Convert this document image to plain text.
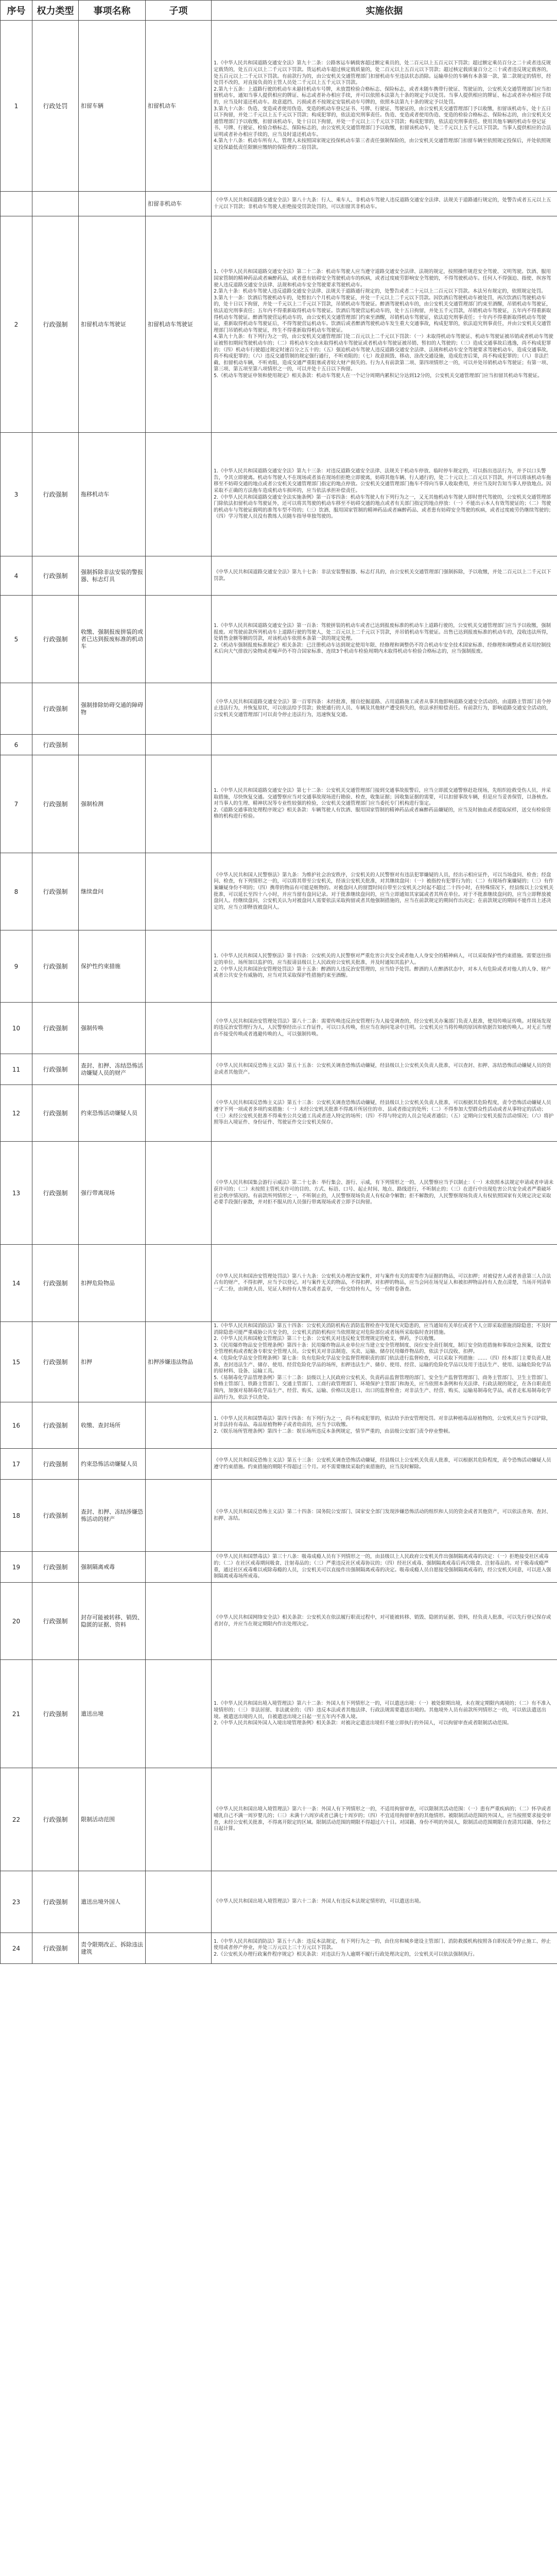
序号	权力类型	事项名称	子项	实施依据
1	行政处罚	扣留车辆	扣留机动车	1.《中华人民共和国道路交通安全法》第九十二条：公路客运车辆载客超过额定乘员的，处二百元以上五百元以下罚款；超过额定乘员百分之二十或者违反规定载货的，处五百元以上二千元以下罚款。货运机动车超过核定载质量的，处二百元以上五百元以下罚款；超过核定载质量百分之三十或者违反规定载客的，处五百元以上二千元以下罚款。有前款行为的，由公安机关交通管理部门扣留机动车至违法状态消除。运输单位的车辆有本条第一款、第二款规定的情形，经处罚不改的，对直接负责的主管人员处二千元以上五千元以下罚款。
2.第九十五条：上道路行驶的机动车未悬挂机动车号牌，未放置检验合格标志、保险标志，或者未随车携带行驶证、驾驶证的，公安机关交通管理部门应当扣留机动车，通知当事人提供相应的牌证、标志或者补办相应手续，并可以依照本法第九十条的规定予以处罚。当事人提供相应的牌证、标志或者补办相应手续的，应当及时退还机动车。故意遮挡、污损或者不按规定安装机动车号牌的，依照本法第九十条的规定予以处罚。
3.第九十六条：伪造、变造或者使用伪造、变造的机动车登记证书、号牌、行驶证、驾驶证的，由公安机关交通管理部门予以收缴，扣留该机动车，处十五日以下拘留，并处二千元以上五千元以下罚款；构成犯罪的，依法追究刑事责任。伪造、变造或者使用伪造、变造的检验合格标志、保险标志的，由公安机关交通管理部门予以收缴，扣留该机动车，处十日以下拘留，并处一千元以上三千元以下罚款；构成犯罪的，依法追究刑事责任。使用其他车辆的机动车登记证书、号牌、行驶证、检验合格标志、保险标志的，由公安机关交通管理部门予以收缴，扣留该机动车，处二千元以上五千元以下罚款。当事人提供相应的合法证明或者补办相应手续的，应当及时退还机动车。
4.第九十八条：机动车所有人、管理人未按照国家规定投保机动车第三者责任强制保险的，由公安机关交通管理部门扣留车辆至依照规定投保后，并处依照规定投保最低责任限额应缴纳的保险费的二倍罚款。
			扣留非机动车	《中华人民共和国道路交通安全法》第八十九条：行人、乘车人、非机动车驾驶人违反道路交通安全法律、法规关于道路通行规定的，处警告或者五元以上五十元以下罚款；非机动车驾驶人拒绝接受罚款处罚的，可以扣留其非机动车。
2	行政强制	扣留机动车驾驶证	扣留机动车驾驶证	1.《中华人民共和国道路交通安全法》第二十二条：机动车驾驶人应当遵守道路交通安全法律、法规的规定，按照操作规范安全驾驶、文明驾驶。饮酒、服用国家管制的精神药品或者麻醉药品，或者患有妨碍安全驾驶机动车的疾病，或者过度疲劳影响安全驾驶的，不得驾驶机动车。任何人不得强迫、指使、纵容驾驶人违反道路交通安全法律、法规和机动车安全驾驶要求驾驶机动车。
2.第九十条：机动车驾驶人违反道路交通安全法律、法规关于道路通行规定的，处警告或者二十元以上二百元以下罚款。本法另有规定的，依照规定处罚。
3.第九十一条：饮酒后驾驶机动车的，处暂扣六个月机动车驾驶证，并处一千元以上二千元以下罚款。因饮酒后驾驶机动车被处罚，再次饮酒后驾驶机动车的，处十日以下拘留，并处一千元以上二千元以下罚款，吊销机动车驾驶证。醉酒驾驶机动车的，由公安机关交通管理部门约束至酒醒，吊销机动车驾驶证，依法追究刑事责任；五年内不得重新取得机动车驾驶证。饮酒后驾驶营运机动车的，处十五日拘留，并处五千元罚款，吊销机动车驾驶证，五年内不得重新取得机动车驾驶证。醉酒驾驶营运机动车的，由公安机关交通管理部门约束至酒醒，吊销机动车驾驶证，依法追究刑事责任；十年内不得重新取得机动车驾驶证，重新取得机动车驾驶证后，不得驾驶营运机动车。饮酒后或者醉酒驾驶机动车发生重大交通事故，构成犯罪的，依法追究刑事责任，并由公安机关交通管理部门吊销机动车驾驶证，终生不得重新取得机动车驾驶证。
4.第九十九条：有下列行为之一的，由公安机关交通管理部门处二百元以上二千元以下罚款：（一）未取得机动车驾驶证、机动车驾驶证被吊销或者机动车驾驶证被暂扣期间驾驶机动车的；（二）将机动车交由未取得机动车驾驶证或者机动车驾驶证被吊销、暂扣的人驾驶的；（三）造成交通事故后逃逸，尚不构成犯罪的；（四）机动车行驶超过规定时速百分之五十的；（五）强迫机动车驾驶人违反道路交通安全法律、法规和机动车安全驾驶要求驾驶机动车，造成交通事故，尚不构成犯罪的；（六）违反交通管制的规定强行通行，不听劝阻的；（七）故意损毁、移动、涂改交通设施，造成危害后果，尚不构成犯罪的；（八）非法拦截、扣留机动车辆，不听劝阻，造成交通严重阻塞或者较大财产损失的。行为人有前款第二项、第四项情形之一的，可以并处吊销机动车驾驶证；有第一项、第三项、第五项至第八项情形之一的，可以并处十五日以下拘留。
5.《机动车驾驶证申领和使用规定》相关条款：机动车驾驶人在一个记分周期内累积记分达到12分的，公安机关交通管理部门应当扣留其机动车驾驶证。
3	行政强制	拖移机动车		1.《中华人民共和国道路交通安全法》第九十三条：对违反道路交通安全法律、法规关于机动车停放、临时停车规定的，可以指出违法行为，并予以口头警告，令其立即驶离。机动车驾驶人不在现场或者虽在现场但拒绝立即驶离，妨碍其他车辆、行人通行的，处二十元以上二百元以下罚款，并可以将该机动车拖移至不妨碍交通的地点或者公安机关交通管理部门指定的地点停放。公安机关交通管理部门拖车不得向当事人收取费用，并应当及时告知当事人停放地点。因采取不正确的方法拖车造成机动车损坏的，应当依法承担补偿责任。
2.《中华人民共和国道路交通安全法实施条例》第一百零四条：机动车驾驶人有下列行为之一，又无其他机动车驾驶人即时替代驾驶的，公安机关交通管理部门除依法扣留机动车驾驶证外，还可以将其驾驶的机动车移至不妨碍交通的地点或者有关部门指定的地点停放：（一）不能出示本人有效驾驶证的；（二）驾驶的机动车与驾驶证载明的准驾车型不符的；（三）饮酒、服用国家管制的精神药品或者麻醉药品、或者患有妨碍安全驾驶的疾病，或者过度疲劳仍继续驾驶的；（四）学习驾驶人员没有教练人员随车指导单独驾驶的。
4	行政强制	强制拆除非法安装的警报器、标志灯具		《中华人民共和国道路交通安全法》第九十七条：非法安装警报器、标志灯具的，由公安机关交通管理部门强制拆除，予以收缴，并处二百元以上二千元以下罚款。
5	行政强制	收缴、强制报废拼装的或者已达到报废标准的机动车		1.《中华人民共和国道路交通安全法》第一百条：驾驶拼装的机动车或者已达到报废标准的机动车上道路行驶的，公安机关交通管理部门应当予以收缴，强制报废。对驾驶前款所列机动车上道路行驶的驾驶人，处二百元以上二千元以下罚款，并吊销机动车驾驶证。出售已达到报废标准的机动车的，没收违法所得，处销售金额等额的罚款，对该机动车依照本条第一款的规定处理。
2.《机动车强制报废标准规定》相关条款：已注册机动车达到规定使用年限、经修理和调整仍不符合机动车安全技术国家标准、经修理和调整或者采用控制技术后向大气排放污染物或者噪声仍不符合国家标准、连续3个机动车检验周期内未取得机动车检验合格标志的，应当强制报废。
	行政强制	强制排除妨碍交通的障碍物		《中华人民共和国道路交通安全法》第一百零四条：未经批准，擅自挖掘道路、占用道路施工或者从事其他影响道路交通安全活动的，由道路主管部门责令停止违法行为，并恢复原状，可以依法给予罚款；致使通行的人员、车辆及其他财产遭受损失的，依法承担赔偿责任。有前款行为，影响道路交通安全活动的，公安机关交通管理部门可以责令停止违法行为，迅速恢复交通。
6	行政强制			
7	行政强制	强制检测		1.《中华人民共和国道路交通安全法》第七十二条：公安机关交通管理部门接到交通事故报警后，应当立即派交通警察赶赴现场，先组织抢救受伤人员，并采取措施，尽快恢复交通。交通警察应当对交通事故现场进行勘验、检查，收集证据；因收集证据的需要，可以扣留事故车辆，但是应当妥善保管，以备核查。对当事人的生理、精神状况等专业性较强的检验，公安机关交通管理部门应当委托专门机构进行鉴定。
2.《道路交通事故处理程序规定》相关条款：车辆驾驶人有饮酒、服用国家管制的精神药品或者麻醉药品嫌疑的，应当及时抽血或者提取尿样，送交有检验资格的机构进行检验。
8	行政强制	继续盘问		《中华人民共和国人民警察法》第九条：为维护社会治安秩序，公安机关的人民警察对有违法犯罪嫌疑的人员，经出示相应证件，可以当场盘问、检查；经盘问、检查，有下列情形之一的，可以将其带至公安机关，经该公安机关批准，对其继续盘问：（一）被指控有犯罪行为的；（二）有现场作案嫌疑的；（三）有作案嫌疑身份不明的；（四）携带的物品有可能是赃物的。对被盘问人的留置时间自带至公安机关之时起不超过二十四小时，在特殊情况下，经县级以上公安机关批准，可以延长至四十八小时，并应当留有盘问记录。对于批准继续盘问的，应当立即通知其家属或者其所在单位。对于不批准继续盘问的，应当立即释放被盘问人。经继续盘问，公安机关认为对被盘问人需要依法采取拘留或者其他强制措施的，应当在前款规定的期间作出决定；在前款规定的期间不能作出上述决定的，应当立即释放被盘问人。
9	行政强制	保护性约束措施		1.《中华人民共和国人民警察法》第十四条：公安机关的人民警察对严重危害公共安全或者他人人身安全的精神病人，可以采取保护性约束措施。需要送往指定的单位、场所加以监护的，应当报请县级以上人民政府公安机关批准，并及时通知其监护人。
2.《中华人民共和国治安管理处罚法》第十五条：醉酒的人违反治安管理的，应当给予处罚。醉酒的人在醉酒状态中，对本人有危险或者对他人的人身、财产或者公共安全有威胁的，应当对其采取保护性措施约束至酒醒。
10	行政强制	强制传唤		《中华人民共和国治安管理处罚法》第八十二条：需要传唤违反治安管理行为人接受调查的，经公安机关办案部门负责人批准，使用传唤证传唤。对现场发现的违反治安管理行为人，人民警察经出示工作证件，可以口头传唤，但应当在询问笔录中注明。公安机关应当将传唤的原因和依据告知被传唤人。对无正当理由不接受传唤或者逃避传唤的人，可以强制传唤。
11	行政强制	查封、扣押、冻结恐怖活动嫌疑人员的财产		《中华人民共和国反恐怖主义法》第五十五条：公安机关调查恐怖活动嫌疑，经县级以上公安机关负责人批准，可以查封、扣押、冻结恐怖活动嫌疑人员的资金或者其他资产。
12	行政强制	约束恐怖活动嫌疑人员		《中华人民共和国反恐怖主义法》第五十三条：公安机关调查恐怖活动嫌疑，经县级以上公安机关负责人批准，可以根据其危险程度，责令恐怖活动嫌疑人员遵守下列一项或者多项约束措施：（一）未经公安机关批准不得离开所居住的市、县或者指定的处所；（二）不得参加大型群众性活动或者从事特定的活动；（三）未经公安机关批准不得乘坐公共交通工具或者进入特定的场所；（四）不得与特定的人员会见或者通信；（五）定期向公安机关报告活动情况；（六）将护照等出入境证件、身份证件、驾驶证件交公安机关保存。
13	行政强制	强行带离现场		《中华人民共和国集会游行示威法》第二十七条：举行集会、游行、示威，有下列情形之一的，人民警察应当予以制止：（一）未依照本法规定申请或者申请未获许可的；（二）未按照主管机关许可的目的、方式、标语、口号、起止时间、地点、路线进行，不听制止的；（三）在进行中出现危害公共安全或者严重破坏社会秩序情况的。有前款所列情形之一，不听制止的，人民警察现场负责人有权命令解散；拒不解散的，人民警察现场负责人有权依照国家有关规定决定采取必要手段强行驱散，并对拒不服从的人员强行带离现场或者立即予以拘留。
14	行政强制	扣押危险物品		《中华人民共和国治安管理处罚法》第八十九条：公安机关办理治安案件，对与案件有关的需要作为证据的物品，可以扣押；对被侵害人或者善意第三人合法占有的财产，不得扣押，应当予以登记。对与案件无关的物品，不得扣押。对扣押的物品，应当会同在场见证人和被扣押物品持有人查点清楚，当场开列清单一式二份，由调查人员、见证人和持有人签名或者盖章，一份交给持有人，另一份附卷备查。
15	行政强制	扣押	扣押涉嫌违法物品	1.《中华人民共和国消防法》第五十四条：公安机关消防机构在消防监督检查中发现火灾隐患的，应当通知有关单位或者个人立即采取措施消除隐患；不及时消除隐患可能严重威胁公共安全的，公安机关消防机构应当依照规定对危险部位或者场所采取临时查封措施。
2.《中华人民共和国枪支管理法》第三十七条：公安机关对违反枪支管理规定的枪支、弹药，予以收缴。
3.《民用爆炸物品安全管理条例》第四十条：民用爆炸物品从业单位应当建立安全管理制度、岗位安全责任制度，制订安全防范措施和事故应急预案，设置安全管理机构或者配备专职安全管理人员。公安机关对非法制造、买卖、运输、储存民用爆炸物品的，依法予以没收、扣押。
4.《危险化学品安全管理条例》第七条：负有危险化学品安全监督管理职责的部门依法进行监督检查，可以采取下列措施：……（四）经本部门主要负责人批准，查封违法生产、储存、使用、经营危险化学品的场所，扣押违法生产、储存、使用、经营、运输的危险化学品以及用于违法生产、使用、运输危险化学品的原材料、设备、运输工具。
5.《易制毒化学品管理条例》第三十二条：县级以上人民政府公安机关、负责药品监督管理的部门、安全生产监督管理部门、商务主管部门、卫生主管部门、价格主管部门、铁路主管部门、交通主管部门、工商行政管理部门、环境保护主管部门和海关，应当依照本条例和有关法律、行政法规的规定，在各自职责范围内，加强对易制毒化学品生产、经营、购买、运输、价格以及进口、出口的监督检查；对非法生产、经营、购买、运输易制毒化学品，或者走私易制毒化学品的行为，依法予以查处。
16	行政强制	收缴、查封场所		1.《中华人民共和国禁毒法》第四十四条：有下列行为之一，尚不构成犯罪的，依法给予治安管理处罚。对非法种植毒品原植物的，公安机关应当予以铲除，对非法持有毒品、毒品原植物种子或者幼苗的，应当予以收缴。
2.《娱乐场所管理条例》第四十二条：娱乐场所违反本条例规定，情节严重的，由县级公安部门责令停业整顿。
17	行政强制	约束恐怖活动嫌疑人员		《中华人民共和国反恐怖主义法》第五十三条：公安机关调查恐怖活动嫌疑，经县级以上公安机关负责人批准，可以根据其危险程度，责令恐怖活动嫌疑人员遵守约束措施。约束措施的期限不得超过三个月。对不需要继续采取约束措施的，应当及时解除。
18	行政强制	查封、扣押、冻结涉嫌恐怖活动的财产		《中华人民共和国反恐怖主义法》第二十四条：国务院公安部门、国家安全部门发现涉嫌恐怖活动的组织和人员的资金或者其他资产，可以依法查询、查封、扣押、冻结。
19	行政强制	强制隔离戒毒		《中华人民共和国禁毒法》第三十八条：吸毒成瘾人员有下列情形之一的，由县级以上人民政府公安机关作出强制隔离戒毒的决定：（一）拒绝接受社区戒毒的；（二）在社区戒毒期间吸食、注射毒品的；（三）严重违反社区戒毒协议的；（四）经社区戒毒、强制隔离戒毒后再次吸食、注射毒品的。对于吸毒成瘾严重，通过社区戒毒难以戒除毒瘾的人员，公安机关可以直接作出强制隔离戒毒的决定。吸毒成瘾人员自愿接受强制隔离戒毒的，经公安机关同意，可以进入强制隔离戒毒场所戒毒。
20	行政强制	封存可能被转移、销毁、隐匿的证据、资料		《中华人民共和国网络安全法》相关条款：公安机关在依法履行职责过程中，对可能被转移、销毁、隐匿的证据、资料，经负责人批准，可以先行登记保存或者封存，并应当在规定期限内作出处理决定。
21	行政强制	遣送出境		1.《中华人民共和国出境入境管理法》第六十二条：外国人有下列情形之一的，可以遣送出境：（一）被处限期出境，未在规定期限内离境的；（二）有不准入境情形的；（三）非法居留、非法就业的；（四）违反本法或者其他法律、行政法规需要遣送出境的。其他境外人员有前款所列情形之一的，可以依法遣送出境。被遣送出境的人员，自被遣送出境之日起一至五年内不准入境。
2.《中华人民共和国外国人入境出境管理条例》相关条款：对被决定遣送出境但不能立即执行的外国人，可以拘留审查或者限制活动范围。
22	行政强制	限制活动范围		《中华人民共和国出境入境管理法》第六十一条：外国人有下列情形之一的，不适用拘留审查，可以限制其活动范围：（一）患有严重疾病的；（二）怀孕或者哺乳自己不满一周岁婴儿的；（三）未满十六周岁或者已满七十周岁的；（四）不宜适用拘留审查的其他情形。被限制活动范围的外国人，应当按照要求接受审查，未经公安机关批准，不得离开限定的区域。限制活动范围的期限不得超过六十日。对国籍、身份不明的外国人，限制活动范围期限自查清其国籍、身份之日起计算。
23	行政强制	遣送出境外国人		《中华人民共和国出境入境管理法》第六十二条：外国人有违反本法规定情形的，可以遣送出境。
24	行政强制	责令限期改正、拆除违法建筑		1.《中华人民共和国消防法》第五十八条：违反本法规定，有下列行为之一的，由住房和城乡建设主管部门、消防救援机构按照各自职权责令停止施工、停止使用或者停产停业，并处三万元以上三十万元以下罚款。
2.《公安机关办理行政案件程序规定》相关条款：对违法行为人逾期不履行行政处理决定的，公安机关可以依法强制执行。
